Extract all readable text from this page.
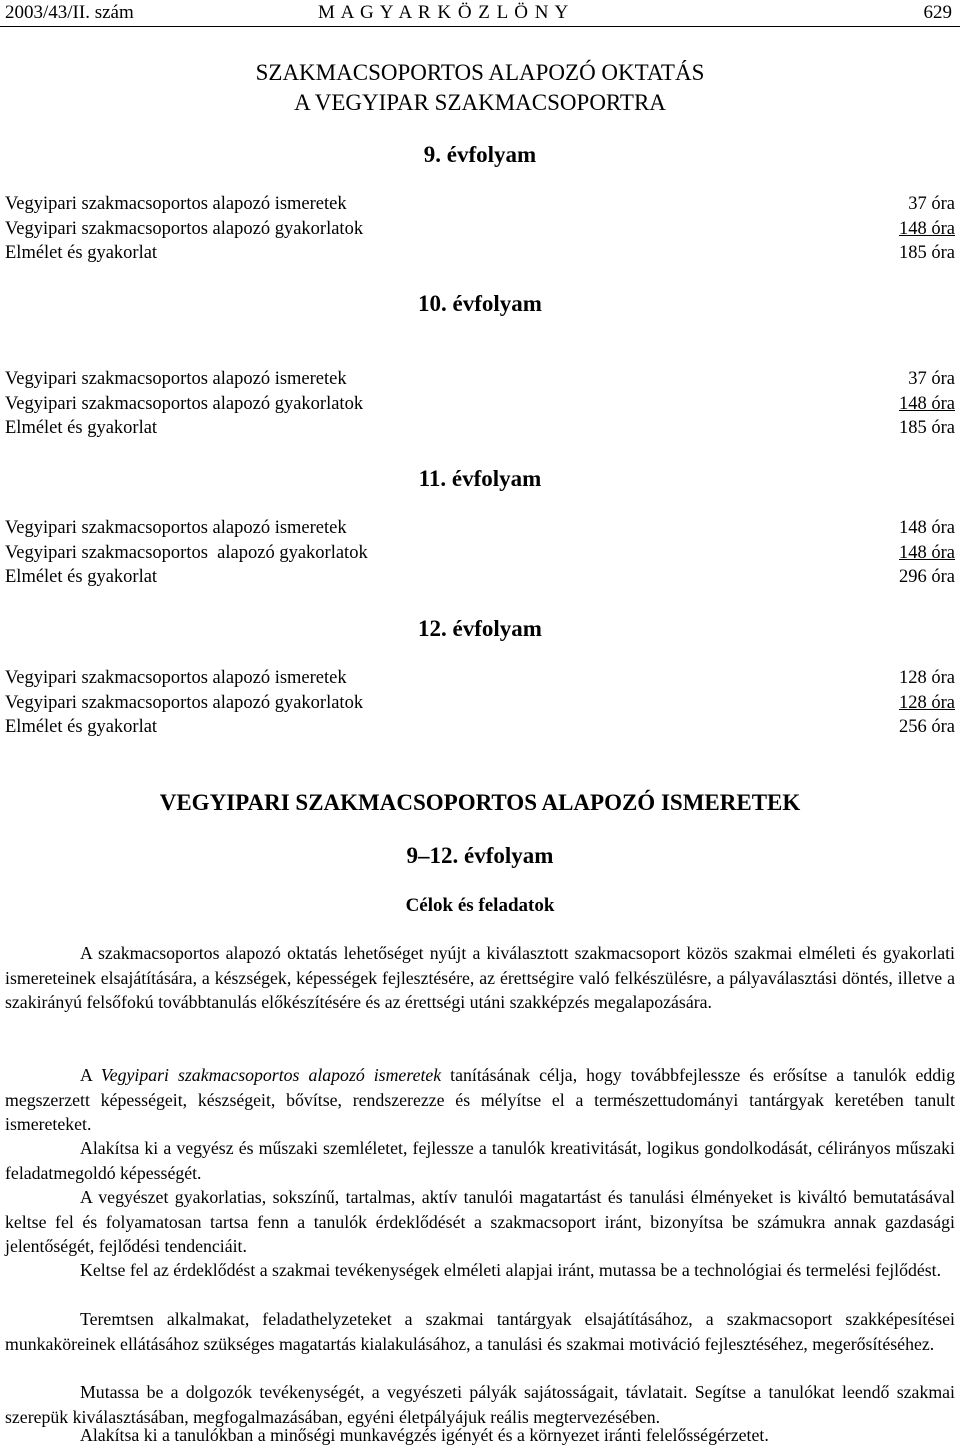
2003/43/II. szám	M A G Y A R K Ö Z L Ö N Y	629
SZAKMACSOPORTOS ALAPOZÓ OKTATÁS
A VEGYIPAR SZAKMACSOPORTRA
9. évfolyam
Vegyipari szakmacsoportos alapozó ismeretek	37 óra
Vegyipari szakmacsoportos alapozó gyakorlatok	148 óra
Elmélet és gyakorlat	185 óra
10. évfolyam
Vegyipari szakmacsoportos alapozó ismeretek	37 óra
Vegyipari szakmacsoportos alapozó gyakorlatok	148 óra
Elmélet és gyakorlat	185 óra
11. évfolyam
Vegyipari szakmacsoportos alapozó ismeretek	148 óra
Vegyipari szakmacsoportos  alapozó gyakorlatok	148 óra
Elmélet és gyakorlat	296 óra
12. évfolyam
Vegyipari szakmacsoportos alapozó ismeretek	128 óra
Vegyipari szakmacsoportos alapozó gyakorlatok	128 óra
Elmélet és gyakorlat	256 óra
VEGYIPARI SZAKMACSOPORTOS ALAPOZÓ ISMERETEK
9–12. évfolyam
Célok és feladatok

A szakmacsoportos alapozó oktatás lehetőséget nyújt a kiválasztott szakmacsoport közös szakmai elméleti és gyakorlati ismereteinek elsajátítására, a készségek, képességek fejlesztésére, az érettségire való felkészülésre, a pályaválasztási döntés, illetve a szakirányú felsőfokú továbbtanulás előkészítésére és az érettségi utáni szakképzés megalapozására.

A Vegyipari szakmacsoportos alapozó ismeretek tanításának célja, hogy továbbfejlessze és erősítse a tanulók eddig megszerzett képességeit, készségeit, bővítse, rendszerezze és mélyítse el a természettudományi tantárgyak keretében tanult ismereteket.

Alakítsa ki a vegyész és műszaki szemléletet, fejlessze a tanulók kreativitását, logikus gondolkodását, célirányos műszaki feladatmegoldó képességét.

A vegyészet gyakorlatias, sokszínű, tartalmas, aktív tanulói magatartást és tanulási élményeket is kiváltó bemutatásával keltse fel és folyamatosan tartsa fenn a tanulók érdeklődését a szakmacsoport iránt, bizonyítsa be számukra annak gazdasági jelentőségét, fejlődési tendenciáit.

Keltse fel az érdeklődést a szakmai tevékenységek elméleti alapjai iránt, mutassa be a technológiai és termelési fejlődést.

Teremtsen alkalmakat, feladathelyzeteket a szakmai tantárgyak elsajátításához, a szakmacsoport szakképesítései munkaköreinek ellátásához szükséges magatartás kialakulásához, a tanulási és szakmai motiváció fejlesztéséhez, megerősítéséhez.

Mutassa be a dolgozók tevékenységét, a vegyészeti pályák sajátosságait, távlatait. Segítse a tanulókat leendő szakmai szerepük kiválasztásában, megfogalmazásában, egyéni életpályájuk reális megtervezésében.

Alakítsa ki a tanulókban a minőségi munkavégzés igényét és a környezet iránti felelősségérzetet.
